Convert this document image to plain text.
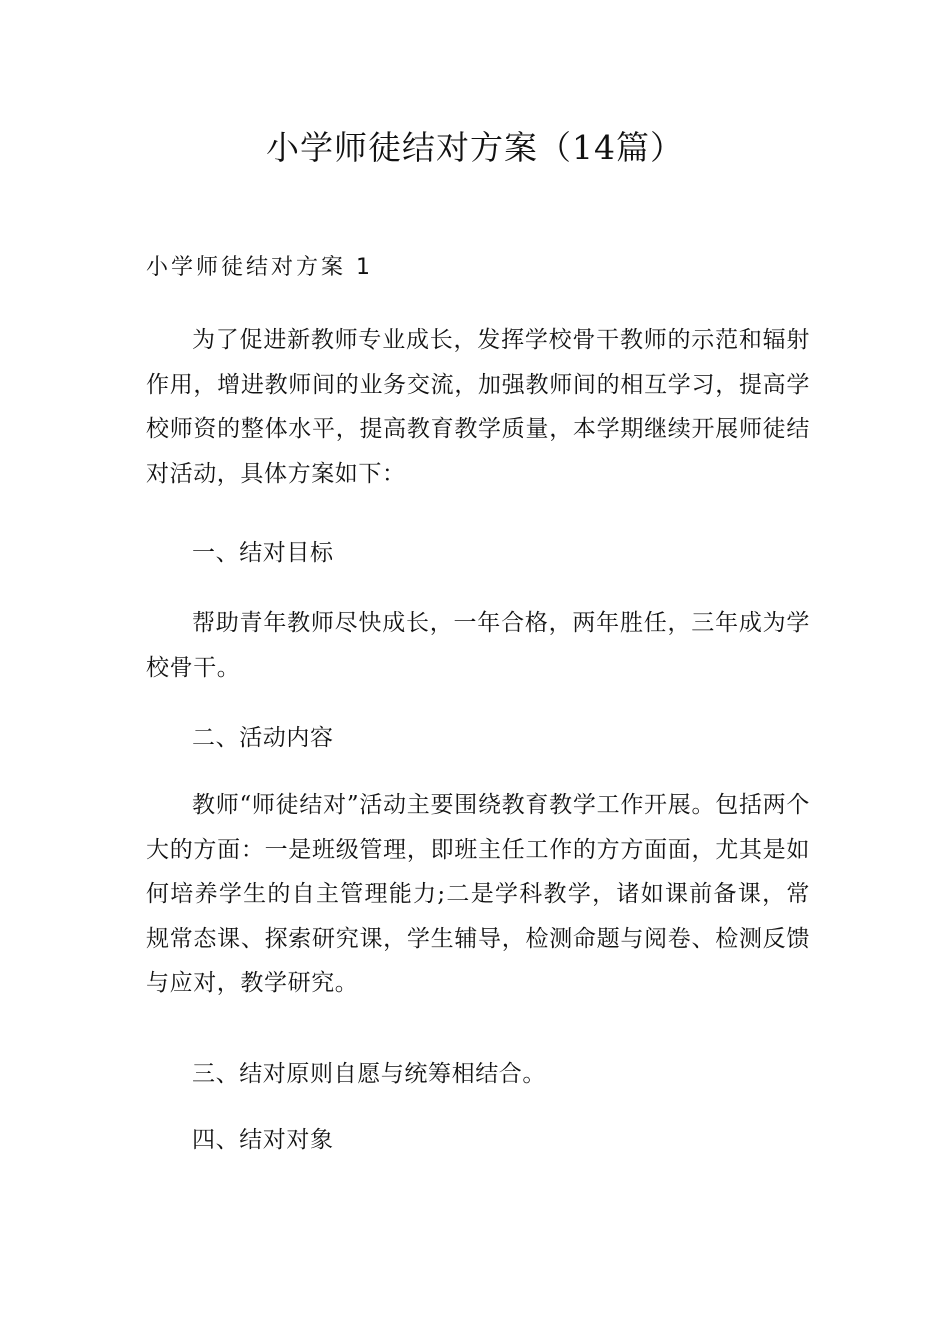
小学师徒结对方案（14篇）
小学师徒结对方案 1

为了促进新教师专业成长，发挥学校骨干教师的示范和辐射作用，增进教师间的业务交流，加强教师间的相互学习，提高学校师资的整体水平，提高教育教学质量，本学期继续开展师徒结对活动，具体方案如下：

一、结对目标

帮助青年教师尽快成长，一年合格，两年胜任，三年成为学校骨干。

二、活动内容

教师“师徒结对”活动主要围绕教育教学工作开展。包括两个大的方面：一是班级管理，即班主任工作的方方面面，尤其是如何培养学生的自主管理能力;二是学科教学，诸如课前备课，常规常态课、探索研究课，学生辅导，检测命题与阅卷、检测反馈与应对，教学研究。

三、结对原则自愿与统筹相结合。

四、结对对象
